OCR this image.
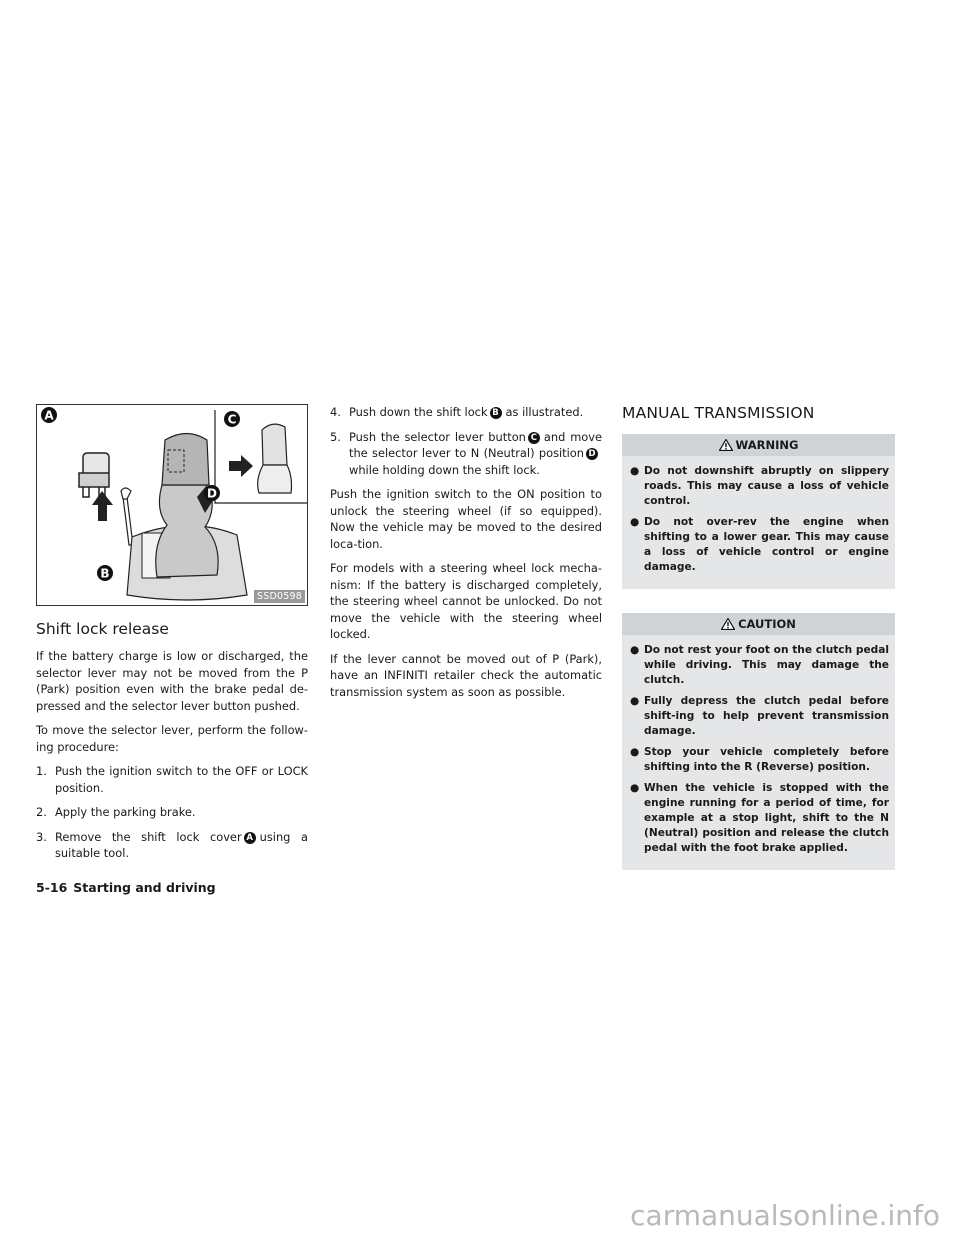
A
B
C
D
SSD0598
Shift lock release

If the battery charge is low or discharged, the selector lever may not be moved from the P (Park) position even with the brake pedal de-pressed and the selector lever button pushed.

To move the selector lever, perform the follow-ing procedure:

1. Push the ignition switch to the OFF or LOCK position.
2. Apply the parking brake.
3. Remove the shift lock cover A using a suitable tool.
4. Push down the shift lock B as illustrated.
5. Push the selector lever button C and move the selector lever to N (Neutral) position Dwhile holding down the shift lock.

Push the ignition switch to the ON position to unlock the steering wheel (if so equipped). Now the vehicle may be moved to the desired loca-tion.

For models with a steering wheel lock mecha-nism: If the battery is discharged completely, the steering wheel cannot be unlocked. Do not move the vehicle with the steering wheel locked.

If the lever cannot be moved out of P (Park), have an INFINITI retailer check the automatic transmission system as soon as possible.

MANUAL TRANSMISSION
WARNING
● Do not downshift abruptly on slippery roads. This may cause a loss of vehicle control.
● Do not over-rev the engine when shifting to a lower gear. This may cause a loss of vehicle control or engine damage.
CAUTION
● Do not rest your foot on the clutch pedal while driving. This may damage the clutch.
● Fully depress the clutch pedal before shift-ing to help prevent transmission damage.
● Stop your vehicle completely before shifting into the R (Reverse) position.
● When the vehicle is stopped with the engine running for a period of time, for example at a stop light, shift to the N (Neutral) position and release the clutch pedal with the foot brake applied.
5-16 Starting and driving
carmanualsonline.info
